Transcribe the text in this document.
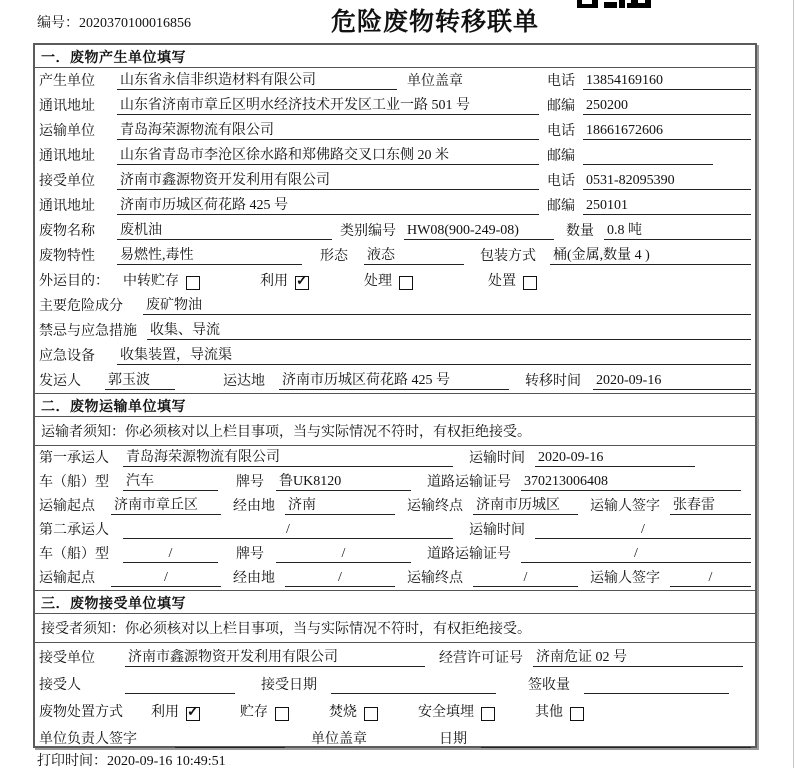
编号：2020370100016856	危险废物转移联单
一．废物产生单位填写
产生单位 山东省永信非织造材料有限公司	单位盖章	电话 13854169160
通讯地址 山东省济南市章丘区明水经济技术开发区工业一路 501 号	邮编 250200
运输单位 青岛海荣源物流有限公司	电话 18661672606
通讯地址 山东省青岛市李沧区徐水路和郑佛路交叉口东侧 20 米	邮编
接受单位 济南市鑫源物资开发利用有限公司	电话 0531-82095390
通讯地址 济南市历城区荷花路 425 号	邮编 250101
废物名称 废机油	类别编号 HW08(900-249-08)	数量 0.8 吨
废物特性 易燃性,毒性	形态 液态	包装方式 桶(金属,数量 4 )
外运目的： 中转贮存	利用 ✓	处理	处置
主要危险成分 废矿物油
禁忌与应急措施 收集、导流
应急设备 收集装置，导流渠
发运人 郭玉波	运达地 济南市历城区荷花路 425 号	转移时间 2020-09-16
二．废物运输单位填写
运输者须知：你必须核对以上栏目事项，当与实际情况不符时，有权拒绝接受。
第一承运人 青岛海荣源物流有限公司	运输时间 2020-09-16
车（船）型 汽车	牌号 鲁UK8120	道路运输证号 370213006408
运输起点 济南市章丘区	经由地 济南	运输终点 济南市历城区	运输人签字 张春雷
第二承运人	/	运输时间	/
车（船）型	/	牌号	/	道路运输证号	/
运输起点	/	经由地	/	运输终点	/	运输人签字	/
三．废物接受单位填写
接受者须知：你必须核对以上栏目事项，当与实际情况不符时，有权拒绝接受。
接受单位 济南市鑫源物资开发利用有限公司	经营许可证号 济南危证 02 号
接受人	接受日期	签收量
废物处置方式 利用 ✓	贮存	焚烧	安全填埋	其他
单位负责人签字	单位盖章	日期
打印时间：2020-09-16 10:49:51
